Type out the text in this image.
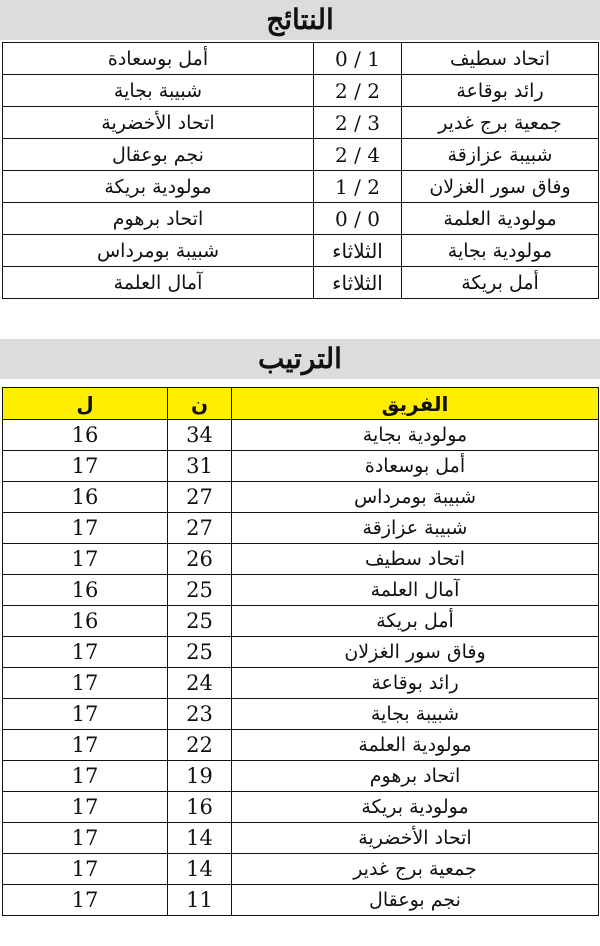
النتائج
اتحاد سطيف	1 / 0	أمل بوسعادة
رائد بوقاعة	2 / 2	شبيبة بجاية
جمعية برج غدير	3 / 2	اتحاد الأخضرية
شبيبة عزازقة	4 / 2	نجم بوعقال
وفاق سور الغزلان	2 / 1	مولودية بريكة
مولودية العلمة	0 / 0	اتحاد برهوم
مولودية بجاية	الثلاثاء	شبيبة بومرداس
أمل بريكة	الثلاثاء	آمال العلمة
الترتيب
الفريق	ن	ل
مولودية بجاية	34	16
أمل بوسعادة	31	17
شبيبة بومرداس	27	16
شبيبة عزازقة	27	17
اتحاد سطيف	26	17
آمال العلمة	25	16
أمل بريكة	25	16
وفاق سور الغزلان	25	17
رائد بوقاعة	24	17
شبيبة بجاية	23	17
مولودية العلمة	22	17
اتحاد برهوم	19	17
مولودية بريكة	16	17
اتحاد الأخضرية	14	17
جمعية برج غدير	14	17
نجم بوعقال	11	17
